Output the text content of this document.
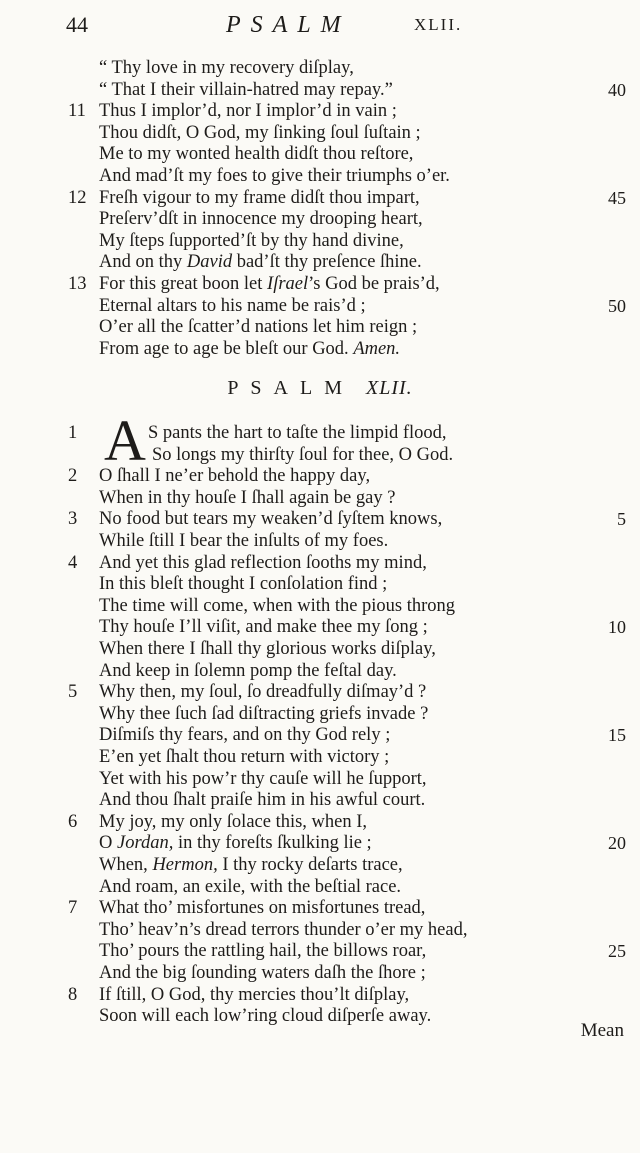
44	PSALM	XLII.
“ Thy love in my recovery diſplay,
“ That I their villain-hatred may repay.”	40
11 Thus I implor’d, nor I implor’d in vain ;
Thou didſt, O God, my ſinking ſoul ſuſtain ;
Me to my wonted health didſt thou reſtore,
And mad’ſt my foes to give their triumphs o’er.
12 Freſh vigour to my frame didſt thou impart,	45
Preſerv’dſt in innocence my drooping heart,
My ſteps ſupported’ſt by thy hand divine,
And on thy David bad’ſt thy preſence ſhine.
13 For this great boon let Iſrael’s God be prais’d,
Eternal altars to his name be rais’d ;	50
O’er all the ſcatter’d nations let him reign ;
From age to age be bleſt our God. Amen.
PSALM XLII.
A
1	S pants the hart to taſte the limpid flood,
So longs my thirſty ſoul for thee, O God.
2	O ſhall I ne’er behold the happy day,
When in thy houſe I ſhall again be gay ?
3	No food but tears my weaken’d ſyſtem knows,	5
While ſtill I bear the inſults of my foes.
4	And yet this glad reflection ſooths my mind,
In this bleſt thought I conſolation find ;
The time will come, when with the pious throng
Thy houſe I’ll viſit, and make thee my ſong ;	10
When there I ſhall thy glorious works diſplay,
And keep in ſolemn pomp the feſtal day.
5	Why then, my ſoul, ſo dreadfully diſmay’d ?
Why thee ſuch ſad diſtracting griefs invade ?
Diſmiſs thy fears, and on thy God rely ;	15
E’en yet ſhalt thou return with victory ;
Yet with his pow’r thy cauſe will he ſupport,
And thou ſhalt praiſe him in his awful court.
6	My joy, my only ſolace this, when I,
O Jordan, in thy foreſts ſkulking lie ;	20
When, Hermon, I thy rocky deſarts trace,
And roam, an exile, with the beſtial race.
7	What tho’ misfortunes on misfortunes tread,
Tho’ heav’n’s dread terrors thunder o’er my head,
Tho’ pours the rattling hail, the billows roar,	25
And the big ſounding waters daſh the ſhore ;
8	If ſtill, O God, thy mercies thou’lt diſplay,
Soon will each low’ring cloud diſperſe away.
Mean
